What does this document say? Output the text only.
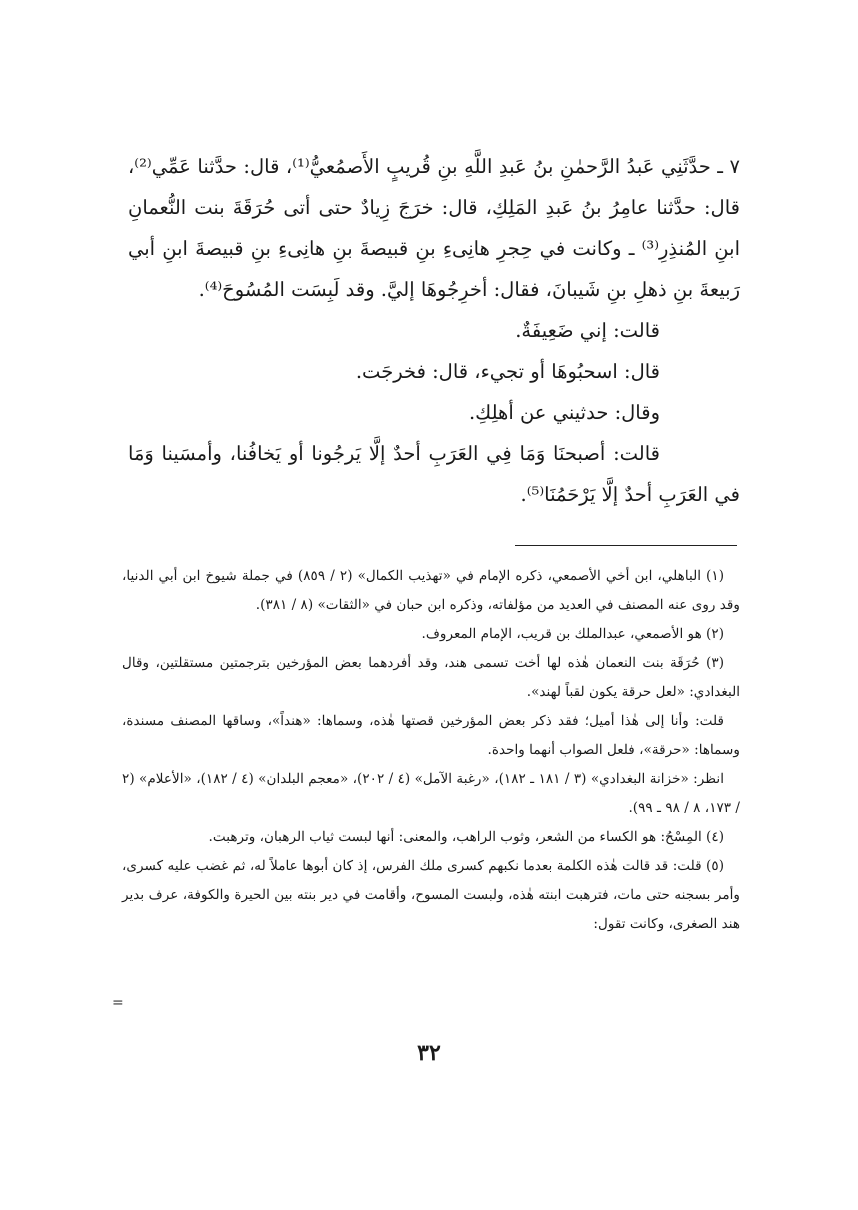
٧ ـ حدَّثَنِي عَبدُ الرَّحمٰنِ بنُ عَبدِ اللَّهِ بنِ قُريبٍ الأَصمُعيُّ⁽¹⁾، قال: حدَّثنا عَمِّي⁽²⁾، قال: حدَّثنا عامِرُ بنُ عَبدِ المَلِكِ، قال: خرَجَ زِيادٌ حتى أتى حُرَقَةَ بنت النُّعمانِ ابنِ المُنذِرِ⁽³⁾ ـ وكانت في حِجرِ هانِىءِ بنِ قبيصةَ بنِ هانِىءِ بنِ قبيصةَ ابنِ أبي رَبيعةَ بنِ ذهلِ بنِ شَيبانَ، فقال: أخرِجُوهَا إليَّ. وقد لَبِسَت المُسُوحَ⁽⁴⁾.

قالت: إني ضَعِيفَةٌ.

قال: اسحبُوهَا أو تجيء، قال: فخرجَت.

وقال: حدثيني عن أهلِكِ.

قالت: أصبحنَا وَمَا فِي العَرَبِ أحدٌ إلَّا يَرجُونا أو يَخافُنا، وأمسَينا وَمَا في العَرَبِ أحدٌ إلَّا يَرْحَمُنَا⁽⁵⁾.

(١) الباهلي، ابن أخي الأصمعي، ذكره الإمام في «تهذيب الكمال» (٢ / ٨٥٩) في جملة شيوخ ابن أبي الدنيا، وقد روى عنه المصنف في العديد من مؤلفاته، وذكره ابن حبان في «الثقات» (٨ / ٣٨١).

(٢) هو الأصمعي، عبدالملك بن قريب، الإمام المعروف.

(٣) حُرَقَة بنت النعمان هٰذه لها أخت تسمى هند، وقد أفردهما بعض المؤرخين بترجمتين مستقلتين، وقال البغدادي: «لعل حرقة يكون لقباً لهند».

قلت: وأنا إلى هٰذا أميل؛ فقد ذكر بعض المؤرخين قصتها هٰذه، وسماها: «هنداً»، وساقها المصنف مسندة، وسماها: «حرقة»، فلعل الصواب أنهما واحدة.

انظر: «خزانة البغدادي» (٣ / ١٨١ ـ ١٨٢)، «رغبة الآمل» (٤ / ٢٠٢)، «معجم البلدان» (٤ / ١٨٢)، «الأعلام» (٢ / ١٧٣، ٨ / ٩٨ ـ ٩٩).

(٤) المِسْحُ: هو الكساء من الشعر، وثوب الراهب، والمعنى: أنها لبست ثياب الرهبان، وترهبت.

(٥) قلت: قد قالت هٰذه الكلمة بعدما نكبهم كسرى ملك الفرس، إذ كان أبوها عاملاً له، ثم غضب عليه كسرى، وأمر بسجنه حتى مات، فترهبت ابنته هٰذه، ولبست المسوح، وأقامت في دير بنته بين الحيرة والكوفة، عرف بدير هند الصغرى، وكانت تقول:

=
٣٢
